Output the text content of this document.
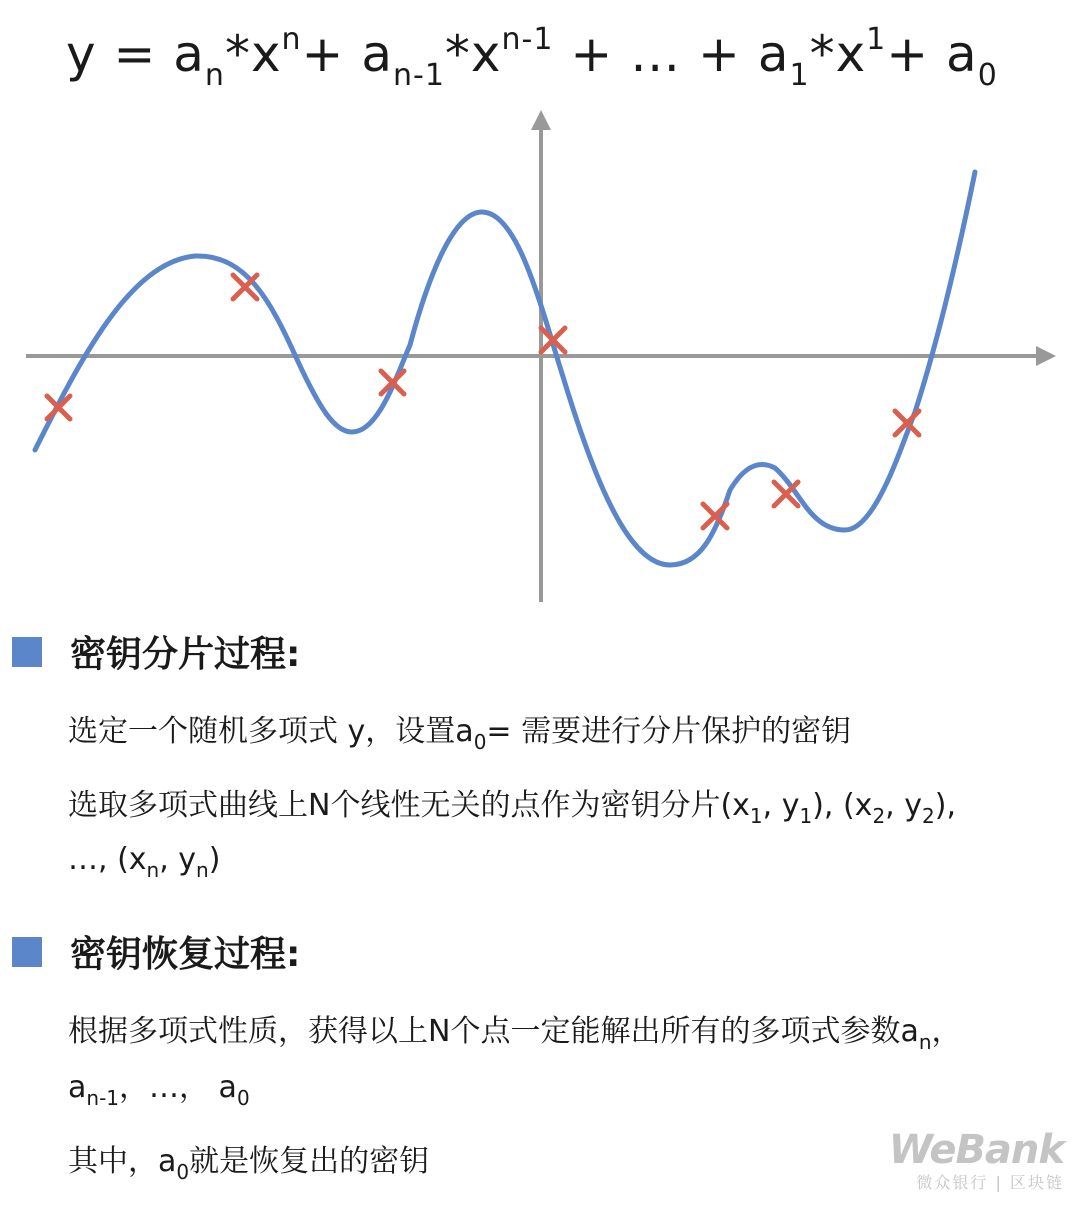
$y = a_n*x^n+ a_{n-1}*x^{n-1}$ + … + $a_1*x^1+ a_0$
密钥分片过程:
选定一个随机多项式 y，设置$a_0=$ 需要进行分片保护的密钥
选取多项式曲线上N个线性无关的点作为密钥分片($x_1$, $y_1$), ($x_2$, $y_2$),
…, ($x_n$, $y_n$)
密钥恢复过程:
根据多项式性质，获得以上N个点一定能解出所有的多项式参数$a_n$，
$a_{n-1}$，…， $a_0$
其中，$a_0$就是恢复出的密钥	WeBank
微众银行 | 区块链
